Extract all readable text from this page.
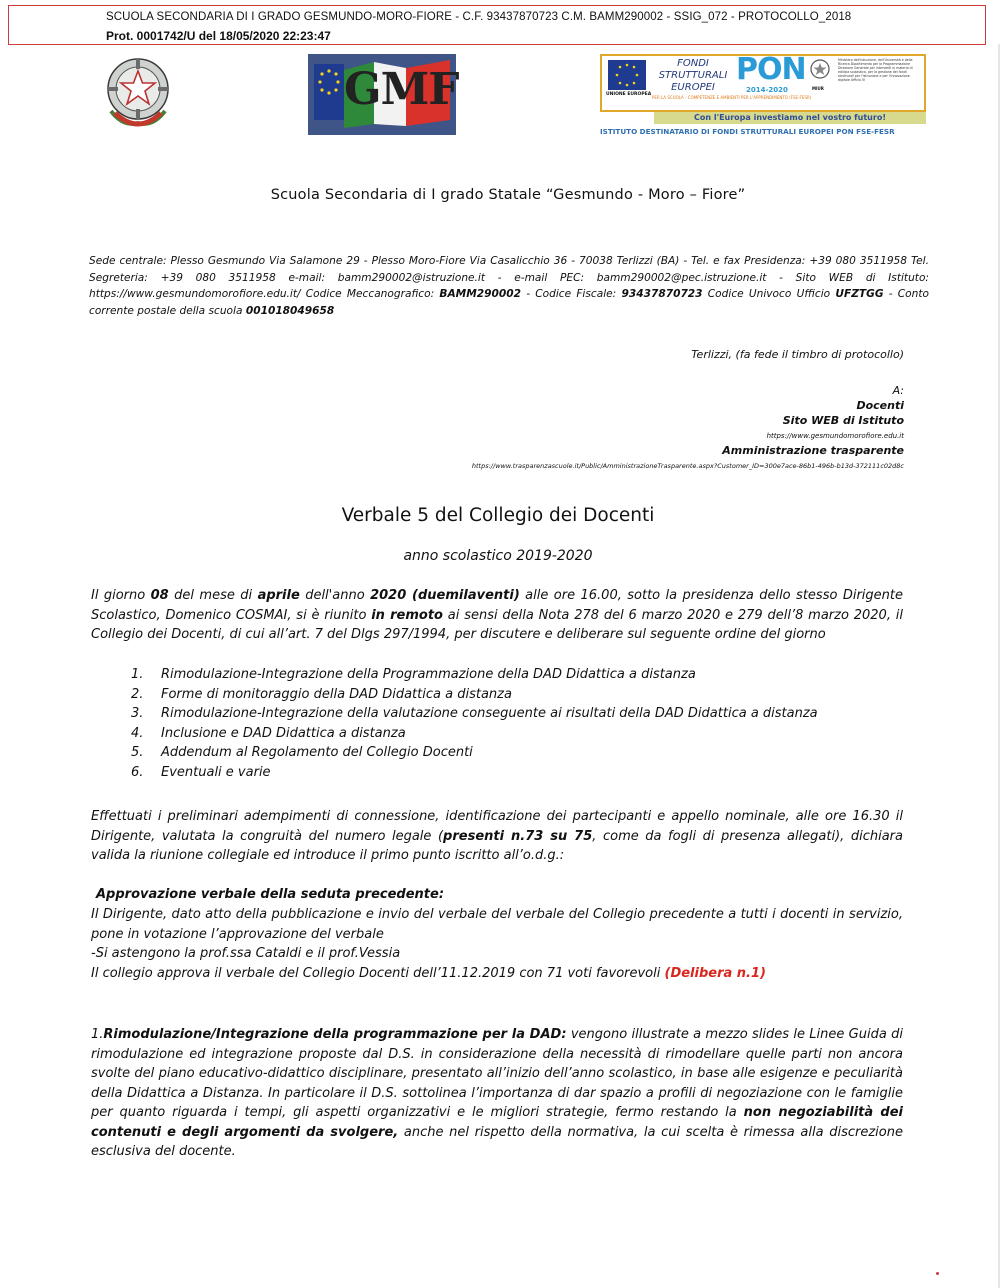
SCUOLA SECONDARIA DI I GRADO GESMUNDO-MORO-FIORE - C.F. 93437870723 C.M. BAMM290002 - SSIG_072 - PROTOCOLLO_2018
Prot. 0001742/U del 18/05/2020 22:23:47
GMF	UNIONE EUROPEA
FONDI
STRUTTURALI
EUROPEI
PON
2014-2020	MIUR
Ministero dell'Istruzione, dell'Università e della Ricerca Dipartimento per la Programmazione Direzione Generale per interventi in materia di edilizia scolastica, per la gestione dei fondi strutturali per l'istruzione e per l'innovazione digitale Ufficio IV
PER LA SCUOLA - COMPETENZE E AMBIENTI PER L'APPRENDIMENTO (FSE-FESR)
Con l'Europa investiamo nel vostro futuro!
ISTITUTO DESTINATARIO DI FONDI STRUTTURALI EUROPEI PON FSE-FESR
Scuola Secondaria di I grado Statale “Gesmundo - Moro – Fiore”
Sede centrale: Plesso Gesmundo Via Salamone 29 - Plesso Moro-Fiore Via Casalicchio 36 - 70038 Terlizzi (BA) - Tel. e fax Presidenza: +39 080 3511958 Tel. Segreteria: +39 080 3511958 e-mail: bamm290002@istruzione.it - e-mail PEC: bamm290002@pec.istruzione.it - Sito WEB di Istituto: https://www.gesmundomorofiore.edu.it/ Codice Meccanografico: BAMM290002 - Codice Fiscale: 93437870723 Codice Univoco Ufficio UFZTGG - Conto corrente postale della scuola 001018049658
Terlizzi, (fa fede il timbro di protocollo)
A:
Docenti
Sito WEB di Istituto
https://www.gesmundomorofiore.edu.it
Amministrazione trasparente
https://www.trasparenzascuole.it/Public/AmministrazioneTrasparente.aspx?Customer_ID=300e7ace-86b1-496b-b13d-372111c02d8c
Verbale 5 del Collegio dei Docenti
anno scolastico 2019-2020
Il giorno 08 del mese di aprile dell'anno 2020 (duemilaventi) alle ore 16.00, sotto la presidenza dello stesso Dirigente Scolastico, Domenico COSMAI, si è riunito in remoto ai sensi della Nota 278 del 6 marzo 2020 e 279 dell’8 marzo 2020, il Collegio dei Docenti, di cui all’art. 7 del Dlgs 297/1994, per discutere e deliberare sul seguente ordine del giorno
1. Rimodulazione-Integrazione della Programmazione della DAD Didattica a distanza
2. Forme di monitoraggio della DAD Didattica a distanza
3. Rimodulazione-Integrazione della valutazione conseguente ai risultati della DAD Didattica a distanza
4. Inclusione e DAD Didattica a distanza
5. Addendum al Regolamento del Collegio Docenti
6. Eventuali e varie
Effettuati i preliminari adempimenti di connessione, identificazione dei partecipanti e appello nominale, alle ore 16.30 il Dirigente, valutata la congruità del numero legale (presenti n.73 su 75, come da fogli di presenza allegati), dichiara valida la riunione collegiale ed introduce il primo punto iscritto all’o.d.g.:
Approvazione verbale della seduta precedente:
Il Dirigente, dato atto della pubblicazione e invio del verbale del verbale del Collegio precedente a tutti i docenti in servizio, pone in votazione l’approvazione del verbale
-Si astengono la prof.ssa Cataldi e il prof.Vessia
Il collegio approva il verbale del Collegio Docenti dell’11.12.2019 con 71 voti favorevoli (Delibera n.1)
1.Rimodulazione/Integrazione della programmazione per la DAD: vengono illustrate a mezzo slides le Linee Guida di rimodulazione ed integrazione proposte dal D.S. in considerazione della necessità di rimodellare quelle parti non ancora svolte del piano educativo-didattico disciplinare, presentato all’inizio dell’anno scolastico, in base alle esigenze e peculiarità della Didattica a Distanza. In particolare il D.S. sottolinea l’importanza di dar spazio a profili di negoziazione con le famiglie per quanto riguarda i tempi, gli aspetti organizzativi e le migliori strategie, fermo restando la non negoziabilità dei contenuti e degli argomenti da svolgere, anche nel rispetto della normativa, la cui scelta è rimessa alla discrezione esclusiva del docente.
